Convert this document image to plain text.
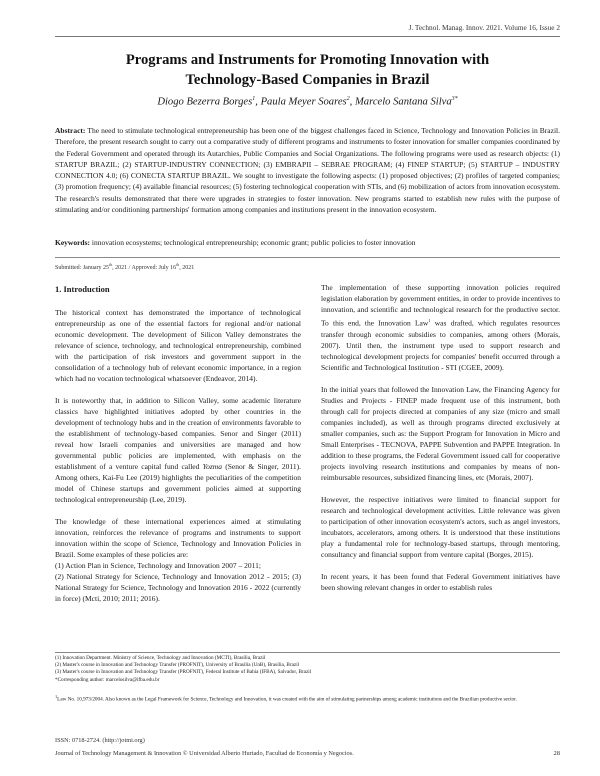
J. Technol. Manag. Innov. 2021. Volume 16, Issue 2
Programs and Instruments for Promoting Innovation with
Technology-Based Companies in Brazil
Diogo Bezerra Borges$^1$, Paula Meyer Soares$^2$, Marcelo Santana Silva$^{3*}$
Abstract: The need to stimulate technological entrepreneurship has been one of the biggest challenges faced in Science, Technology and Innovation Policies in Brazil. Therefore, the present research sought to carry out a comparative study of different programs and instruments to foster innovation for smaller companies coordinated by the Federal Government and operated through its Autarchies, Public Companies and Social Organizations. The following programs were used as research objects: (1) STARTUP BRAZIL; (2) STARTUP-INDUSTRY CONNECTION; (3) EMBRAPII – SEBRAE PROGRAM; (4) FINEP STARTUP; (5) STARTUP – INDUSTRY CONNECTION 4.0; (6) CONECTA STARTUP BRAZIL. We sought to investigate the following aspects: (1) proposed objectives; (2) profiles of targeted companies; (3) promotion frequency; (4) available financial resources; (5) fostering technological cooperation with STIs, and (6) mobilization of actors from innovation ecosystem. The research's results demonstrated that there were upgrades in strategies to foster innovation. New programs started to establish new rules with the purpose of stimulating and/or conditioning partnerships' formation among companies and institutions present in the innovation ecosystem.
Keywords: innovation ecosystems; technological entrepreneurship; economic grant; public policies to foster innovation
Submitted: January 25th, 2021 / Approved: July 16th, 2021
1. Introduction

The historical context has demonstrated the importance of technological entrepreneurship as one of the essential factors for regional and/or national economic development. The development of Silicon Valley demonstrates the relevance of science, technology, and technological entrepreneurship, combined with the participation of risk investors and government support in the consolidation of a technology hub of relevant economic importance, in a region which had no vocation technological whatsoever (Endeavor, 2014).

It is noteworthy that, in addition to Silicon Valley, some academic literature classics have highlighted initiatives adopted by other countries in the development of technology hubs and in the creation of environments favorable to the establishment of technology-based companies. Senor and Singer (2011) reveal how Israeli companies and universities are managed and how governmental public policies are implemented, with emphasis on the establishment of a venture capital fund called Yozma (Senor & Singer, 2011). Among others, Kai-Fu Lee (2019) highlights the peculiarities of the competition model of Chinese startups and government policies aimed at supporting technological entrepreneurship (Lee, 2019).

The knowledge of these international experiences aimed at stimulating innovation, reinforces the relevance of programs and instruments to support innovation within the scope of Science, Technology and Innovation Policies in Brazil. Some examples of these policies are:

(1) Action Plan in Science, Technology and Innovation 2007 – 2011;

(2) National Strategy for Science, Technology and Innovation 2012 - 2015; (3) National Strategy for Science, Technology and Innovation 2016 - 2022 (currently in force) (Mcti, 2010; 2011; 2016).

The implementation of these supporting innovation policies required legislation elaboration by government entities, in order to provide incentives to innovation, and scientific and technological research for the productive sector. To this end, the Innovation Law$^1$ was drafted, which regulates resources transfer through economic subsidies to companies, among others (Morais, 2007). Until then, the instrument type used to support research and technological development projects for companies' benefit occurred through a Scientific and Technological Institution - STI (CGEE, 2009).

In the initial years that followed the Innovation Law, the Financing Agency for Studies and Projects - FINEP made frequent use of this instrument, both through call for projects directed at companies of any size (micro and small companies included), as well as through programs directed exclusively at smaller companies, such as: the Support Program for Innovation in Micro and Small Enterprises - TECNOVA, PAPPE Subvention and PAPPE Integration. In addition to these programs, the Federal Government issued call for cooperative projects involving research institutions and companies by means of non-reimbursable resources, subsidized financing lines, etc (Morais, 2007).

However, the respective initiatives were limited to financial support for research and technological development activities. Little relevance was given to participation of other innovation ecosystem's actors, such as angel investors, incubators, accelerators, among others. It is understood that these institutions play a fundamental role for technology-based startups, through mentoring, consultancy and financial support from venture capital (Borges, 2015).

In recent years, it has been found that Federal Government initiatives have been showing relevant changes in order to establish rules

(1) Innovation Department. Ministry of Science, Technology and Innovation (MCTI), Brasília, Brazil
(2) Master's course in Innovation and Technology Transfer (PROFNIT), University of Brasília (UnB), Brasília, Brazil
(3) Master's course in Innovation and Technology Transfer (PROFNIT), Federal Institute of Bahia (IFBA), Salvador, Brazil
*Corresponding author: marcelosilva@ifba.edu.br
$^1$Law No. 10,973/2004. Also known as the Legal Framework for Science, Technology and Innovation, it was created with the aim of stimulating partnerships among academic institutions and the Brazilian productive sector.
ISSN: 0718-2724. (http://jotmi.org)
Journal of Technology Management & Innovation © Universidad Alberto Hurtado, Facultad de Economía y Negocios.	28
